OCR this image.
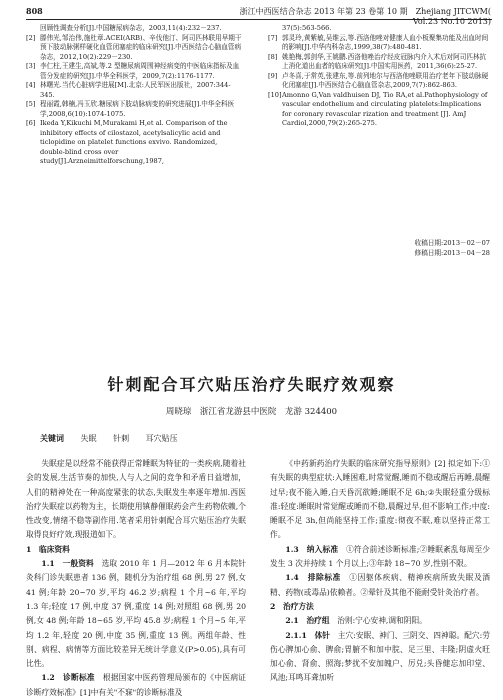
808	浙江中西医结合杂志 2013 年第 23 卷第 10 期　Zhejiang JITCWM( Vol.23 No.10 2013)

回顾性调查分析[J].中国糖尿病杂志，2003,11(4):232－237.

[2] 滕伟光,邹治伟,施杜章.ACEI(ARB)、辛伐他汀、阿司匹林联用早期干预下肢动脉粥样硬化血管闭塞症的临床研究[J].中西医结合心脑血管病杂志，2012,10(2):229－230.

[3] 李仁柱,王建生,高斌,等.2 型糖尿病周围神经病变的中医临床指标及血管分发症的研究[J].中华全科医学，2009,7(2):1176-1177.

[4] 林曙光.当代心脏病学进展[M].北京:人民军医出版社，2007:344-345.

[5] 程丽霞,韩楠,冯玉欣.糖尿病下肢动脉病变的研究进展[J].中华全科医学,2008,6(10):1074-1075.

[6] Ikeda Y,Kikuchi M,Murakami H,et al. Comparison of the inhibitory effects of cilostazol, acetylsalicylic acid and ticlopidine on platelet functions exvivo. Randomized, double-blind cross over study[J].Arzneimittelforschung,1987,

37(5):563-566.

[7] 郭灵玲,黄紫敏,吴维云,等.西洛他唑对健康人血小板聚集功能及出血时间的影响[J].中华内科杂志,1999,38(7):480-481.

[8] 姚艳梅,郭剑华,王姚鹏.西洛他唑治疗经皮冠脉内介入术后对阿司匹林抗上消化道出血者的临床研究[J].中国实用医药，2011,36(6):25-27.

[9] 卢冬喜,于常英,张建东,等.前列地尔与西洛他唑联用治疗老年下肢动脉硬化闭塞症[J].中西医结合心脑血管杂志,2009,7(7):862-863.

[10] Amonno G,Van valdhuisen DJ, Tio RA,et al.Pathophysiology of vascular endothelium and circulating platelets:Implications for coronary revascular rization and treatment [J]. AmJ Cardiol,2000,79(2):265-275.

收稿日期:2013－02－07
修稿日期:2013－04－28
针刺配合耳穴贴压治疗失眠疗效观察
周晓琼　浙江省龙游县中医院　龙游 324400
关键词 失眠 针刺 耳穴贴压

失眠症是以经常不能获得正常睡眠为特征的一类疾病,随着社会的发展,生活节奏的加快,人与人之间的竞争和矛盾日益增加，人们的精神处在一种高度紧张的状态,失眠发生率逐年增加.西医治疗失眠症以药物为主，长期使用镇静催眠药会产生药物依赖,个性改变,情绪不稳等副作用.笔者采用针刺配合耳穴贴压治疗失眠取得良好疗效,现报道如下。

1　临床资料

1.1　一般资料　 选取 2010 年 1 月—2012 年 6 月本院针灸科门诊失眠患者 136 例，随机分为治疗组 68 例,男 27 例,女 41 例;年龄 20~70 岁,平均 46.2 岁;病程 1 个月~6 年,平均 1.3 年;轻度 17 例,中度 37 例,重度 14 例;对照组 68 例,男 20 例,女 48 例;年龄 18~65 岁,平均 45.8 岁;病程 1 个月~5 年,平均 1.2 年,轻度 20 例,中度 35 例,重度 13 例。两组年龄、性别、病程、病情等方面比较差异无统计学意义(P>0.05),具有可比性。

1.2　诊断标准　 根据国家中医药管理局颁布的《中医病证诊断疗效标准》[1]中有关"不寐"的诊断标准及

《中药新药治疗失眠的临床研究指导原则》[2] 拟定如下:①有失眠的典型症状:入睡困难,时常觉醒,睡而不稳或醒后再睡,晨醒过早;夜不能入睡,白天昏沉欲睡;睡眠不足 6h;②失眠轻重分级标准:轻度:睡眠时常觉醒或睡而不稳,晨醒过早,但不影响工作;中度:睡眠不足 3h,但尚能坚持工作;重度:彻夜不眠,难以坚持正常工作。

1.3　纳入标准　 ①符合前述诊断标准;②睡眠紊乱每周至少发生 3 次并持续 1 个月以上;③年龄 18~70 岁,性别不限。

1.4　排除标准　 ①因躯体疾病、精神疾病所致失眠及酒精、药物(或毒品)依赖者。②晕针及其他不能耐受针灸治疗者。

2　治疗方法

2.1　治疗组　 治则:宁心安神,调和阴阳。

2.1.1　体针　 主穴:安眠、神门、三阴交、四神聪。配穴:劳伤心脾加心俞、脾俞;胃腑不和加中脘、足三里、丰隆;阴虚火旺加心俞、肾俞、照海;梦扰不安加魄户、厉兑;头昏健忘加印堂、风池;耳鸣耳聋加听
